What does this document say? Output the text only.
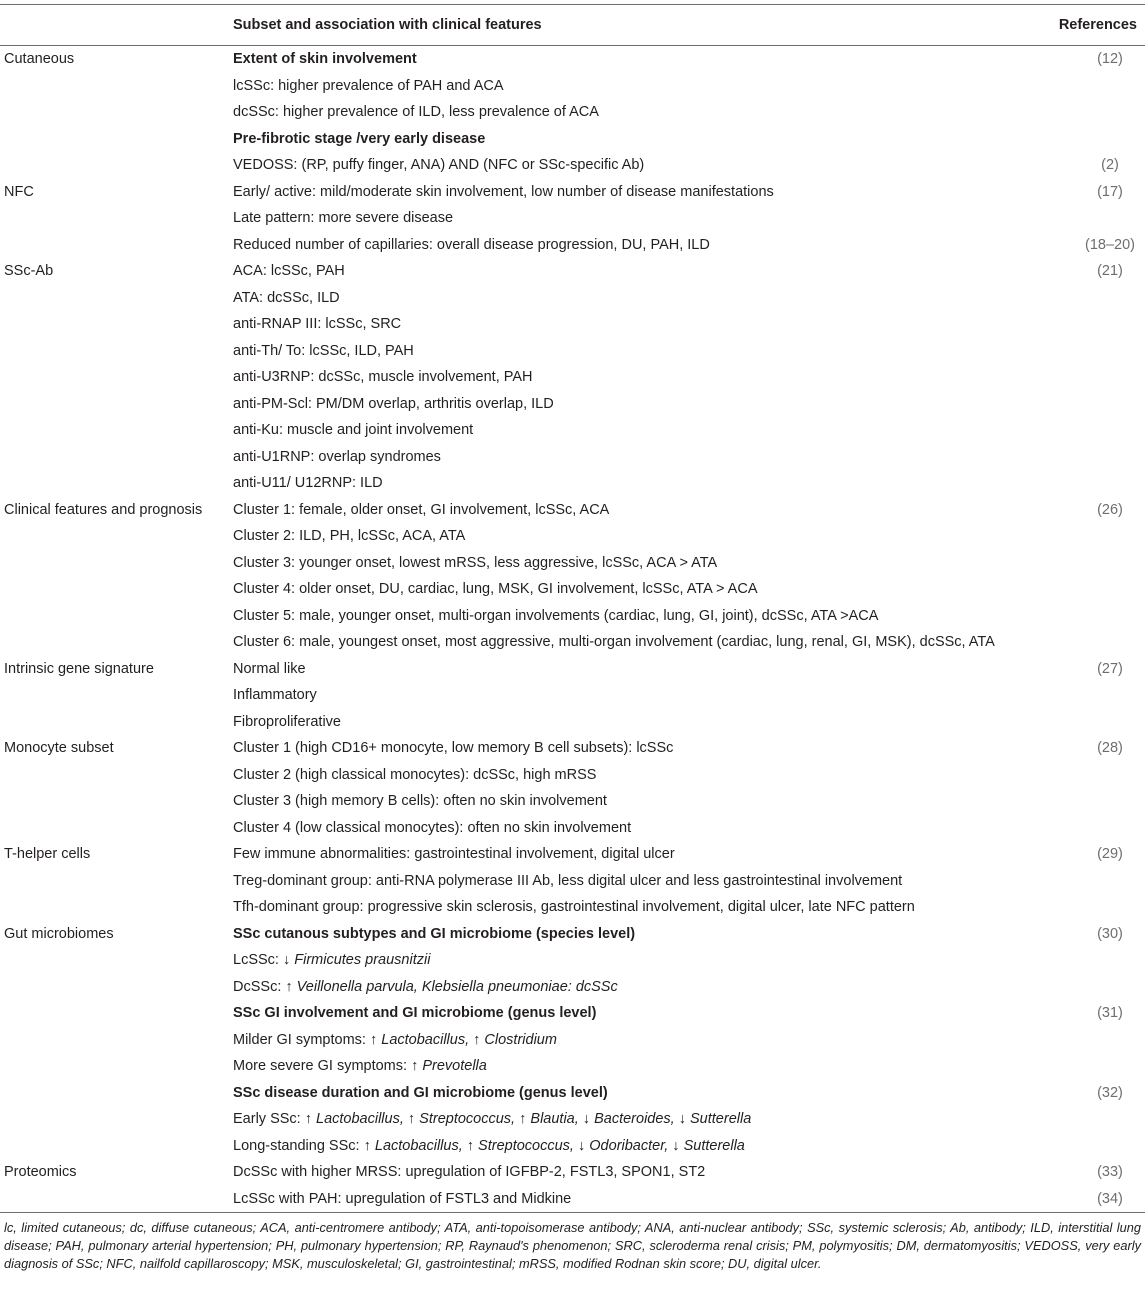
	Subset and association with clinical features	References
Cutaneous	Extent of skin involvement	(12)
	lcSSc: higher prevalence of PAH and ACA	
	dcSSc: higher prevalence of ILD, less prevalence of ACA	
	Pre-fibrotic stage /very early disease	
	VEDOSS: (RP, puffy finger, ANA) AND (NFC or SSc-specific Ab)	(2)
NFC	Early/ active: mild/moderate skin involvement, low number of disease manifestations	(17)
	Late pattern: more severe disease	
	Reduced number of capillaries: overall disease progression, DU, PAH, ILD	(18–20)
SSc-Ab	ACA: lcSSc, PAH	(21)
	ATA: dcSSc, ILD	
	anti-RNAP III: lcSSc, SRC	
	anti-Th/ To: lcSSc, ILD, PAH	
	anti-U3RNP: dcSSc, muscle involvement, PAH	
	anti-PM-Scl: PM/DM overlap, arthritis overlap, ILD	
	anti-Ku: muscle and joint involvement	
	anti-U1RNP: overlap syndromes	
	anti-U11/ U12RNP: ILD	
Clinical features and prognosis	Cluster 1: female, older onset, GI involvement, lcSSc, ACA	(26)
	Cluster 2: ILD, PH, lcSSc, ACA, ATA	
	Cluster 3: younger onset, lowest mRSS, less aggressive, lcSSc, ACA > ATA	
	Cluster 4: older onset, DU, cardiac, lung, MSK, GI involvement, lcSSc, ATA > ACA	
	Cluster 5: male, younger onset, multi-organ involvements (cardiac, lung, GI, joint), dcSSc, ATA >ACA	
	Cluster 6: male, youngest onset, most aggressive, multi-organ involvement (cardiac, lung, renal, GI, MSK), dcSSc, ATA	
Intrinsic gene signature	Normal like	(27)
	Inflammatory	
	Fibroproliferative	
Monocyte subset	Cluster 1 (high CD16+ monocyte, low memory B cell subsets): lcSSc	(28)
	Cluster 2 (high classical monocytes): dcSSc, high mRSS	
	Cluster 3 (high memory B cells): often no skin involvement	
	Cluster 4 (low classical monocytes): often no skin involvement	
T-helper cells	Few immune abnormalities: gastrointestinal involvement, digital ulcer	(29)
	Treg-dominant group: anti-RNA polymerase III Ab, less digital ulcer and less gastrointestinal involvement	
	Tfh-dominant group: progressive skin sclerosis, gastrointestinal involvement, digital ulcer, late NFC pattern	
Gut microbiomes	SSc cutanous subtypes and GI microbiome (species level)	(30)
	LcSSc: ↓ Firmicutes prausnitzii	
	DcSSc: ↑ Veillonella parvula, Klebsiella pneumoniae: dcSSc	
	SSc GI involvement and GI microbiome (genus level)	(31)
	Milder GI symptoms: ↑ Lactobacillus, ↑ Clostridium	
	More severe GI symptoms: ↑ Prevotella	
	SSc disease duration and GI microbiome (genus level)	(32)
	Early SSc: ↑ Lactobacillus, ↑ Streptococcus, ↑ Blautia, ↓ Bacteroides, ↓ Sutterella	
	Long-standing SSc: ↑ Lactobacillus, ↑ Streptococcus, ↓ Odoribacter, ↓ Sutterella	
Proteomics	DcSSc with higher MRSS: upregulation of IGFBP-2, FSTL3, SPON1, ST2	(33)
	LcSSc with PAH: upregulation of FSTL3 and Midkine	(34)
lc, limited cutaneous; dc, diffuse cutaneous; ACA, anti-centromere antibody; ATA, anti-topoisomerase antibody; ANA, anti-nuclear antibody; SSc, systemic sclerosis; Ab, antibody; ILD, interstitial lung disease; PAH, pulmonary arterial hypertension; PH, pulmonary hypertension; RP, Raynaud's phenomenon; SRC, scleroderma renal crisis; PM, polymyositis; DM, dermatomyositis; VEDOSS, very early diagnosis of SSc; NFC, nailfold capillaroscopy; MSK, musculoskeletal; GI, gastrointestinal; mRSS, modified Rodnan skin score; DU, digital ulcer.
